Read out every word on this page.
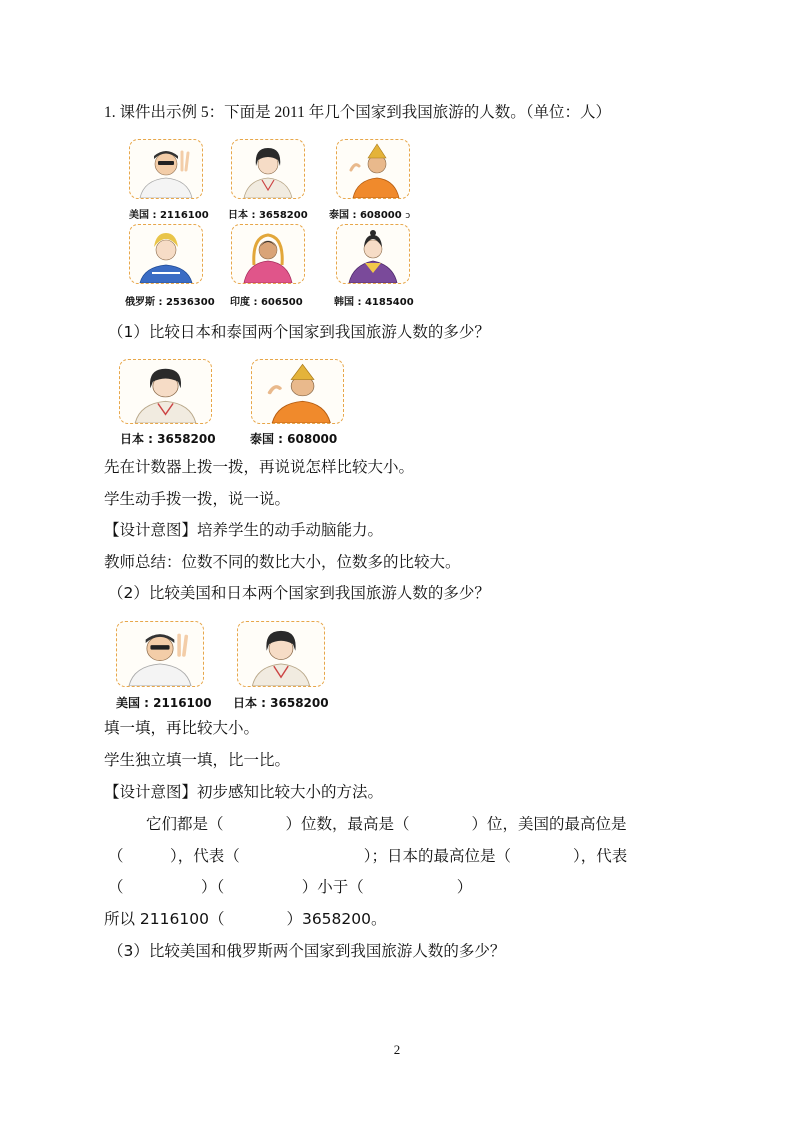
1. 课件出示例 5：下面是 2011 年几个国家到我国旅游的人数。（单位：人）
美国 : 2116100 日本 : 3658200 泰国 : 608000 ↄ
俄罗斯 : 2536300 印度 : 606500	韩国 : 4185400
（1）比较日本和泰国两个国家到我国旅游人数的多少？
日本 : 3658200	泰国 : 608000
先在计数器上拨一拨，再说说怎样比较大小。
学生动手拨一拨，说一说。
【设计意图】培养学生的动手动脑能力。
教师总结：位数不同的数比大小，位数多的比较大。
（2）比较美国和日本两个国家到我国旅游人数的多少？
美国 : 2116100 日本 : 3658200
填一填，再比较大小。
学生独立填一填，比一比。
【设计意图】初步感知比较大小的方法。
它们都是（　　　　）位数，最高是（　　　　）位，美国的最高位是
（　　　），代表（　　　　　　　　）；日本的最高位是（　　　　），代表
（　　　　　）（　　　　　）小于（　　　　　　）
所以 2116100（　　　　）3658200。
（3）比较美国和俄罗斯两个国家到我国旅游人数的多少？
2
